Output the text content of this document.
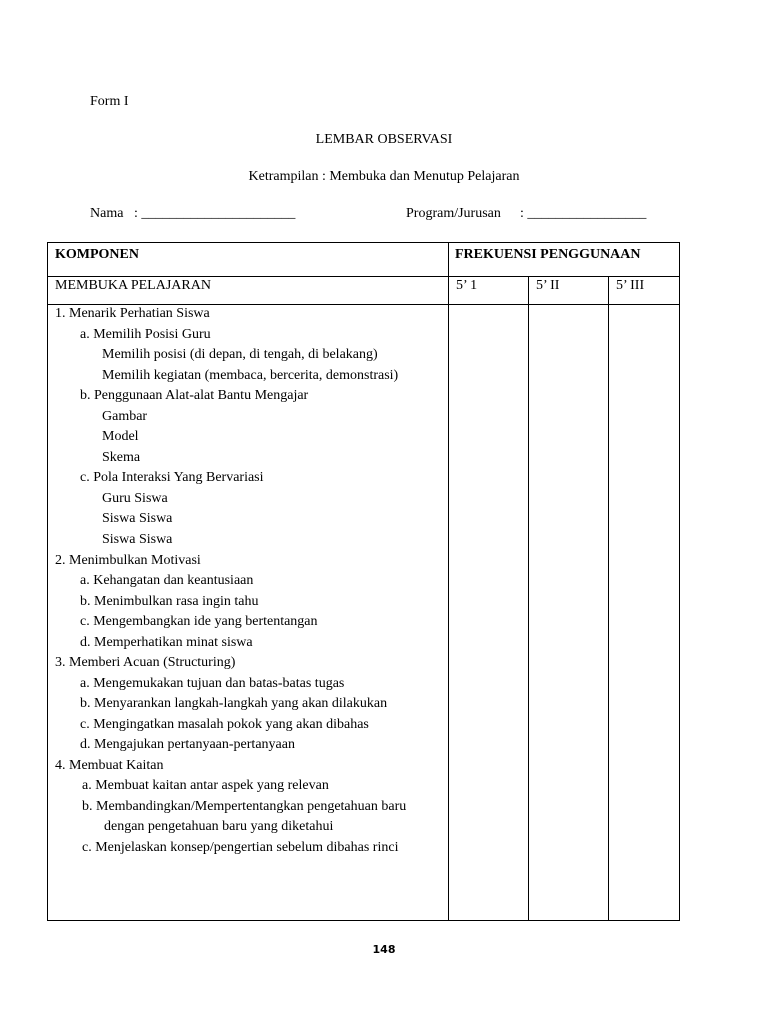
Form I
LEMBAR OBSERVASI
Ketrampilan : Membuka dan Menutup Pelajaran
Nama : ______________________	Program/Jurusan : _________________
KOMPONEN	FREKUENSI PENGGUNAAN
MEMBUKA PELAJARAN	5’ 1	5’ II	5’ III
1. Menarik Perhatian Siswa
a. Memilih Posisi Guru
Memilih posisi (di depan, di tengah, di belakang)
Memilih kegiatan (membaca, bercerita, demonstrasi)
b. Penggunaan Alat-alat Bantu Mengajar
Gambar
Model
Skema
c. Pola Interaksi Yang Bervariasi
Guru Siswa
Siswa Siswa
Siswa Siswa
2. Menimbulkan Motivasi
a. Kehangatan dan keantusiaan
b. Menimbulkan rasa ingin tahu
c. Mengembangkan ide yang bertentangan
d. Memperhatikan minat siswa
3. Memberi Acuan (Structuring)
a. Mengemukakan tujuan dan batas-batas tugas
b. Menyarankan langkah-langkah yang akan dilakukan
c. Mengingatkan masalah pokok yang akan dibahas
d. Mengajukan pertanyaan-pertanyaan
4. Membuat Kaitan
a. Membuat kaitan antar aspek yang relevan
b. Membandingkan/Mempertentangkan pengetahuan baru
dengan pengetahuan baru yang diketahui
c. Menjelaskan konsep/pengertian sebelum dibahas rinci
148
